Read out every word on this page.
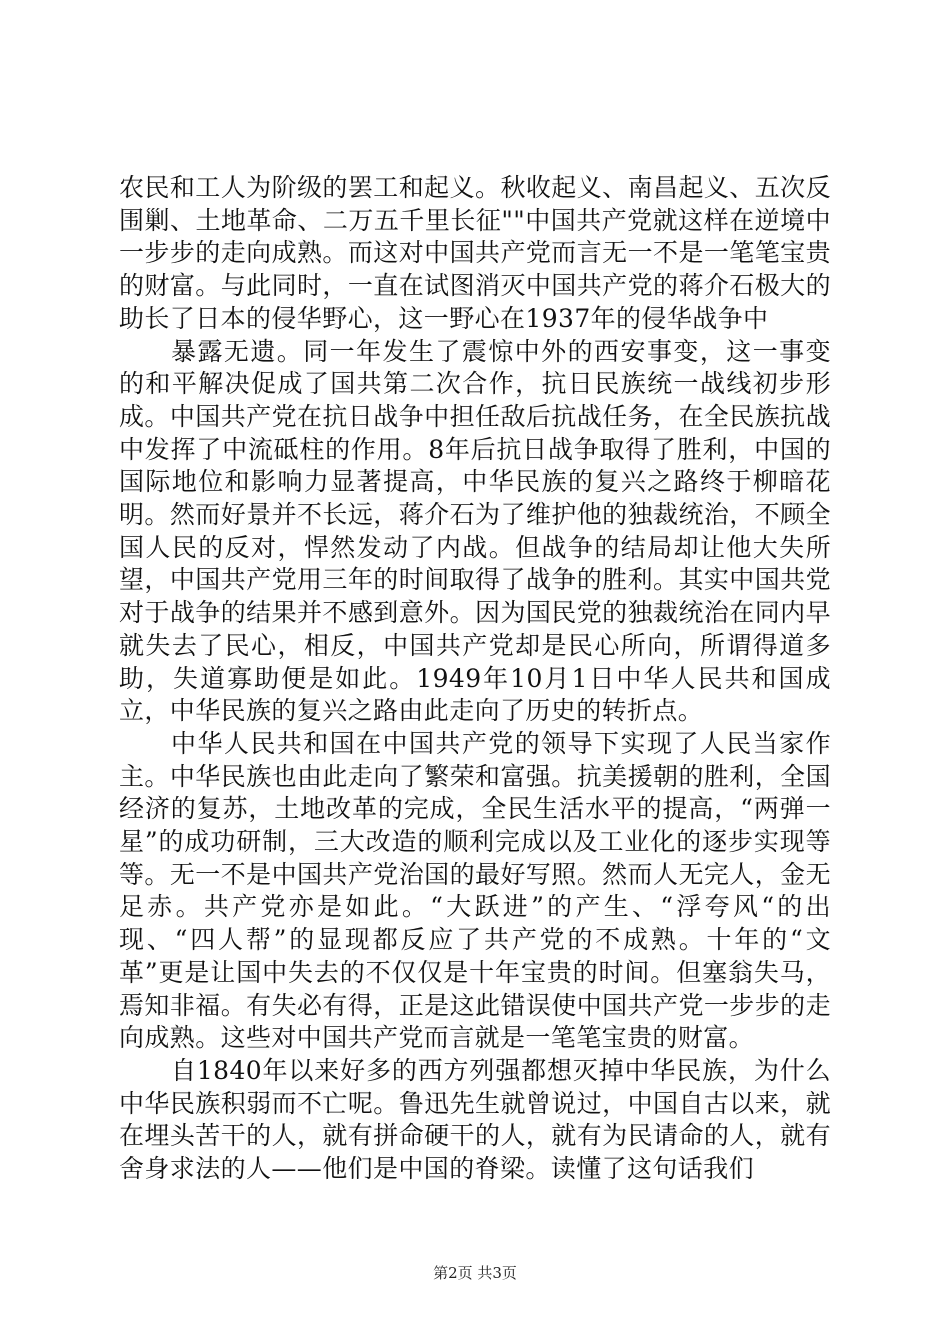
农民和工人为阶级的罢工和起义。秋收起义、南昌起义、五次反围剿、土地革命、二万五千里长征""中国共产党就这样在逆境中一步步的走向成熟。而这对中国共产党而言无一不是一笔笔宝贵的财富。与此同时，一直在试图消灭中国共产党的蒋介石极大的助长了日本的侵华野心，这一野心在1937年的侵华战争中

暴露无遗。同一年发生了震惊中外的西安事变，这一事变的和平解决促成了国共第二次合作，抗日民族统一战线初步形成。中国共产党在抗日战争中担任敌后抗战任务，在全民族抗战中发挥了中流砥柱的作用。8年后抗日战争取得了胜利，中国的国际地位和影响力显著提高，中华民族的复兴之路终于柳暗花明。然而好景并不长远，蒋介石为了维护他的独裁统治，不顾全国人民的反对，悍然发动了内战。但战争的结局却让他大失所望，中国共产党用三年的时间取得了战争的胜利。其实中国共党对于战争的结果并不感到意外。因为国民党的独裁统治在同内早就失去了民心，相反，中国共产党却是民心所向，所谓得道多助，失道寡助便是如此。1949年10月1日中华人民共和国成立，中华民族的复兴之路由此走向了历史的转折点。

中华人民共和国在中国共产党的领导下实现了人民当家作主。中华民族也由此走向了繁荣和富强。抗美援朝的胜利，全国经济的复苏，土地改革的完成，全民生活水平的提高，“两弹一星”的成功研制，三大改造的顺利完成以及工业化的逐步实现等等。无一不是中国共产党治国的最好写照。然而人无完人，金无足赤。共产党亦是如此。“大跃进”的产生、“浮夸风“的出现、“四人帮”的显现都反应了共产党的不成熟。十年的“文革”更是让国中失去的不仅仅是十年宝贵的时间。但塞翁失马，焉知非福。有失必有得，正是这此错误使中国共产党一步步的走向成熟。这些对中国共产党而言就是一笔笔宝贵的财富。

自1840年以来好多的西方列强都想灭掉中华民族，为什么中华民族积弱而不亡呢。鲁迅先生就曾说过，中国自古以来，就在埋头苦干的人，就有拼命硬干的人，就有为民请命的人，就有舍身求法的人——他们是中国的脊梁。读懂了这句话我们

第2页 共3页
